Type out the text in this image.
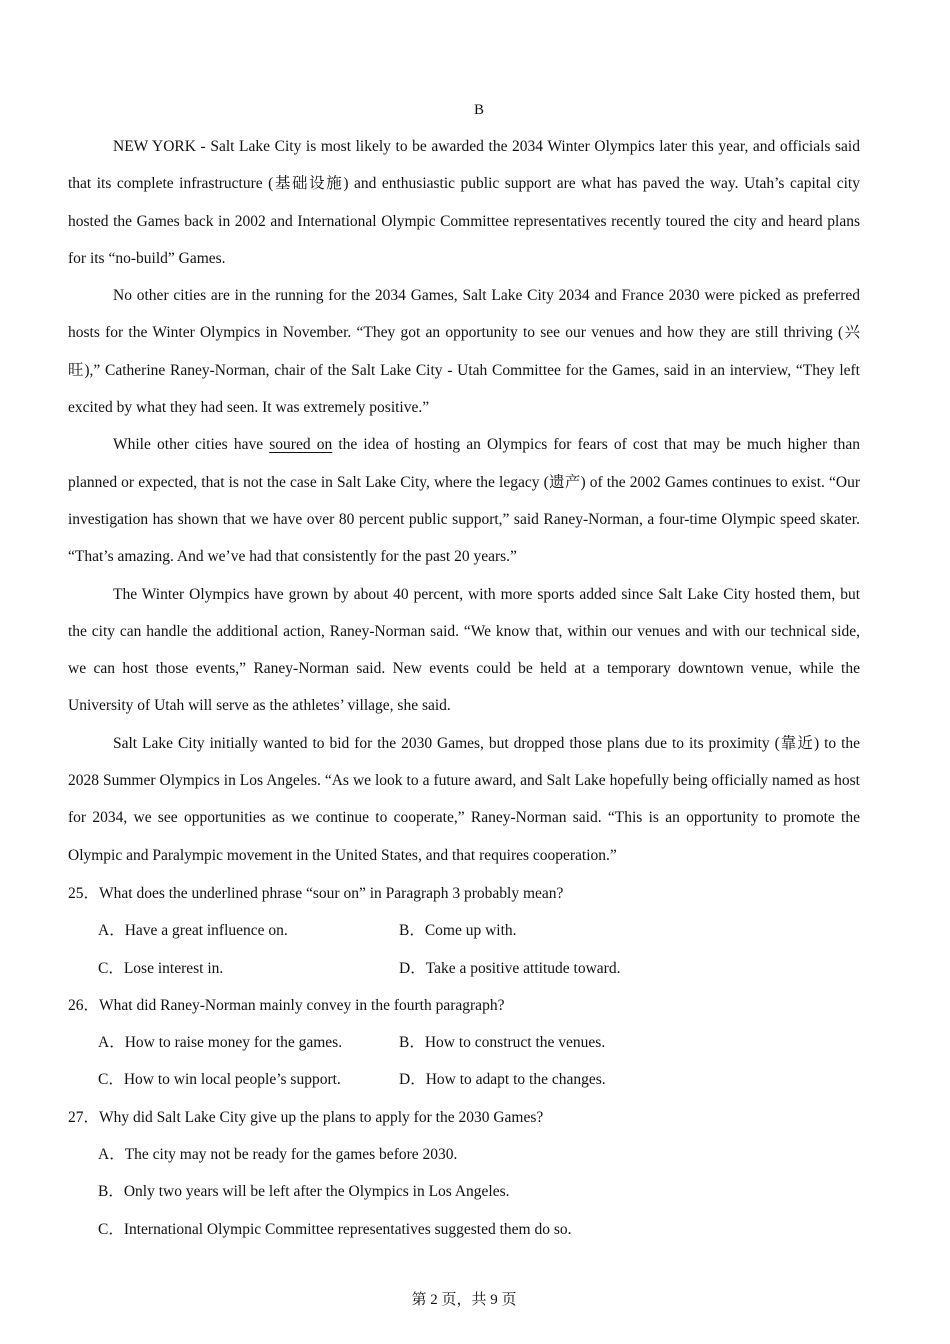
B

NEW YORK - Salt Lake City is most likely to be awarded the 2034 Winter Olympics later this year, and officials said that its complete infrastructure (基础设施) and enthusiastic public support are what has paved the way. Utah’s capital city hosted the Games back in 2002 and International Olympic Committee representatives recently toured the city and heard plans for its “no-build” Games.

No other cities are in the running for the 2034 Games, Salt Lake City 2034 and France 2030 were picked as preferred hosts for the Winter Olympics in November. “They got an opportunity to see our venues and how they are still thriving (兴旺),” Catherine Raney-Norman, chair of the Salt Lake City - Utah Committee for the Games, said in an interview, “They left excited by what they had seen. It was extremely positive.”

While other cities have soured on the idea of hosting an Olympics for fears of cost that may be much higher than planned or expected, that is not the case in Salt Lake City, where the legacy (遗产) of the 2002 Games continues to exist. “Our investigation has shown that we have over 80 percent public support,” said Raney-Norman, a four-time Olympic speed skater. “That’s amazing. And we’ve had that consistently for the past 20 years.”

The Winter Olympics have grown by about 40 percent, with more sports added since Salt Lake City hosted them, but the city can handle the additional action, Raney-Norman said. “We know that, within our venues and with our technical side, we can host those events,” Raney-Norman said. New events could be held at a temporary downtown venue, while the University of Utah will serve as the athletes’ village, she said.

Salt Lake City initially wanted to bid for the 2030 Games, but dropped those plans due to its proximity (靠近) to the 2028 Summer Olympics in Los Angeles. “As we look to a future award, and Salt Lake hopefully being officially named as host for 2034, we see opportunities as we continue to cooperate,” Raney-Norman said. “This is an opportunity to promote the Olympic and Paralympic movement in the United States, and that requires cooperation.”

25．What does the underlined phrase “sour on” in Paragraph 3 probably mean?

A．Have a great influence on.	B．Come up with.
C．Lose interest in.	D．Take a positive attitude toward.

26．What did Raney-Norman mainly convey in the fourth paragraph?

A．How to raise money for the games.	B．How to construct the venues.
C．How to win local people’s support.	D．How to adapt to the changes.

27．Why did Salt Lake City give up the plans to apply for the 2030 Games?

A．The city may not be ready for the games before 2030.

B．Only two years will be left after the Olympics in Los Angeles.

C．International Olympic Committee representatives suggested them do so.

第 2 页，共 9 页
